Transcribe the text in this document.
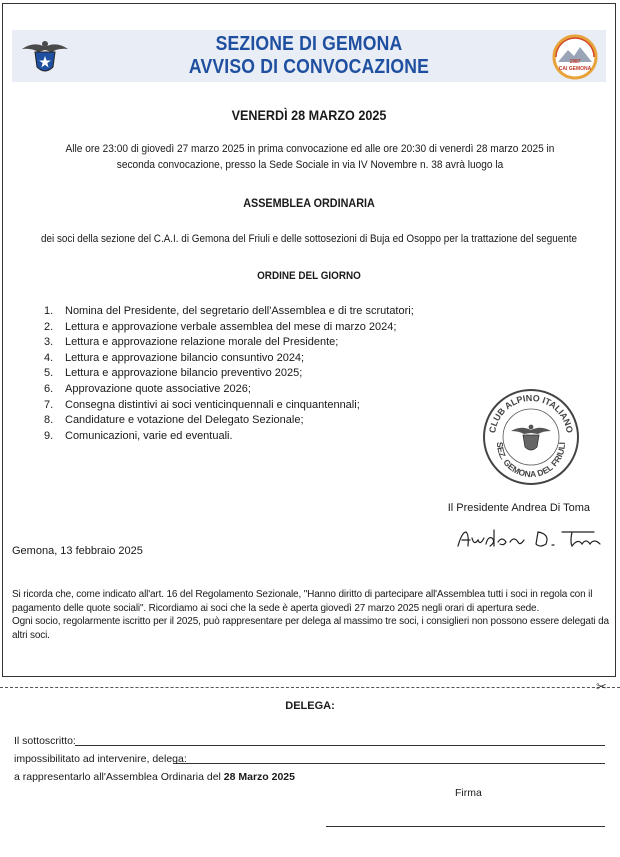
SEZIONE DI GEMONA
AVVISO DI CONVOCAZIONE	1987
CAI GEMONA
VENERDÌ 28 MARZO 2025
Alle ore 23:00 di giovedì 27 marzo 2025 in prima convocazione ed alle ore 20:30 di venerdì 28 marzo 2025 in seconda convocazione, presso la Sede Sociale in via IV Novembre n. 38 avrà luogo la
ASSEMBLEA ORDINARIA
dei soci della sezione del C.A.I. di Gemona del Friuli e delle sottosezioni di Buja ed Osoppo per la trattazione del seguente
ORDINE DEL GIORNO
1. Nomina del Presidente, del segretario dell'Assemblea e di tre scrutatori;
2. Lettura e approvazione verbale assemblea del mese di marzo 2024;
3. Lettura e approvazione relazione morale del Presidente;
4. Lettura e approvazione bilancio consuntivo 2024;
5. Lettura e approvazione bilancio preventivo 2025;
6. Approvazione quote associative 2026;
7. Consegna distintivi ai soci venticinquennali e cinquantennali;
8. Candidature e votazione del Delegato Sezionale;
9. Comunicazioni, varie ed eventuali.
CLUB ALPINO ITALIANO
SEZ. GEMONA DEL FRIULI
Il Presidente Andrea Di Toma
Gemona, 13 febbraio 2025

Si ricorda che, come indicato all'art. 16 del Regolamento Sezionale, "Hanno diritto di partecipare all'Assemblea tutti i soci in regola con il pagamento delle quote sociali". Ricordiamo ai soci che la sede è aperta giovedì 27 marzo 2025 negli orari di apertura sede.

Ogni socio, regolarmente iscritto per il 2025, può rappresentare per delega al massimo tre soci, i consiglieri non possono essere delegati da altri soci.

✂
DELEGA:
Il sottoscritto:
impossibilitato ad intervenire, delega:
a rappresentarlo all'Assemblea Ordinaria del 28 Marzo 2025
Firma
